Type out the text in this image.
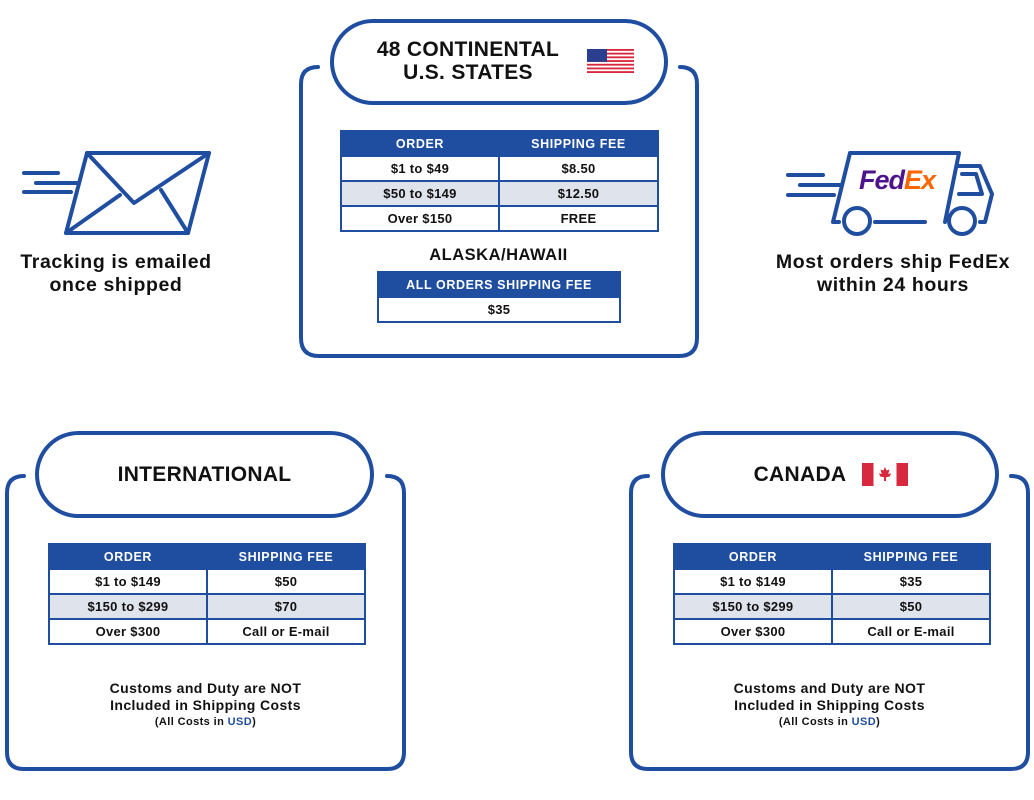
48 CONTINENTAL
U.S. STATES
ORDER	SHIPPING FEE
$1 to $49	$8.50
$50 to $149	$12.50
Over $150	FREE
ALASKA/HAWAII
ALL ORDERS SHIPPING FEE
$35
Tracking is emailed
once shipped
FedEx
Most orders ship FedEx
within 24 hours
INTERNATIONAL
ORDER	SHIPPING FEE
$1 to $149	$50
$150 to $299	$70
Over $300	Call or E-mail
Customs and Duty are NOT
Included in Shipping Costs
(All Costs in USD)
CANADA
ORDER	SHIPPING FEE
$1 to $149	$35
$150 to $299	$50
Over $300	Call or E-mail
Customs and Duty are NOT
Included in Shipping Costs
(All Costs in USD)
